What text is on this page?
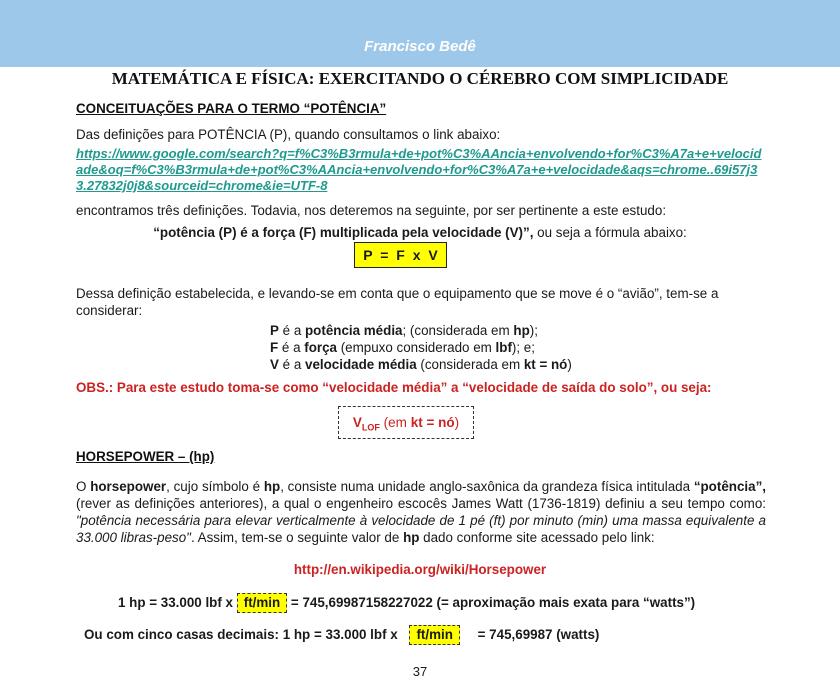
Francisco Bedê
MATEMÁTICA E FÍSICA: EXERCITANDO O CÉREBRO COM SIMPLICIDADE
CONCEITUAÇÕES PARA O TERMO “POTÊNCIA”
Das definições para POTÊNCIA (P), quando consultamos o link abaixo:
https://www.google.com/search?q=f%C3%B3rmula+de+pot%C3%AAncia+envolvendo+for%C3%A7a+e+velocidade&oq=f%C3%B3rmula+de+pot%C3%AAncia+envolvendo+for%C3%A7a+e+velocidade&aqs=chrome..69i57j33.27832j0j8&sourceid=chrome&ie=UTF-8
encontramos três definições. Todavia, nos deteremos na seguinte, por ser pertinente a este estudo:
“potência (P) é a força (F) multiplicada pela velocidade (V)”, ou seja a fórmula abaixo:
P = F x V
Dessa definição estabelecida, e levando-se em conta que o equipamento que se move é o “avião”, tem-se a considerar:
P é a potência média; (considerada em hp);
F é a força (empuxo considerado em lbf); e;
V é a velocidade média (considerada em kt = nó)
OBS.: Para este estudo toma-se como “velocidade média” a “velocidade de saída do solo”, ou seja:
$V_{LOF}$ (em kt = nó)
HORSEPOWER – (hp)
O horsepower, cujo símbolo é hp, consiste numa unidade anglo-saxônica da grandeza física intitulada “potência”, (rever as definições anteriores), a qual o engenheiro escocês James Watt (1736-1819) definiu a seu tempo como: "potência necessária para elevar verticalmente à velocidade de 1 pé (ft) por minuto (min) uma massa equivalente a 33.000 libras-peso". Assim, tem-se o seguinte valor de hp dado conforme site acessado pelo link:
http://en.wikipedia.org/wiki/Horsepower
1 hp = 33.000 lbf x ft/min = 745,69987158227022 (= aproximação mais exata para “watts”)
Ou com cinco casas decimais: 1 hp = 33.000 lbf x ft/min = 745,69987 (watts)
37
